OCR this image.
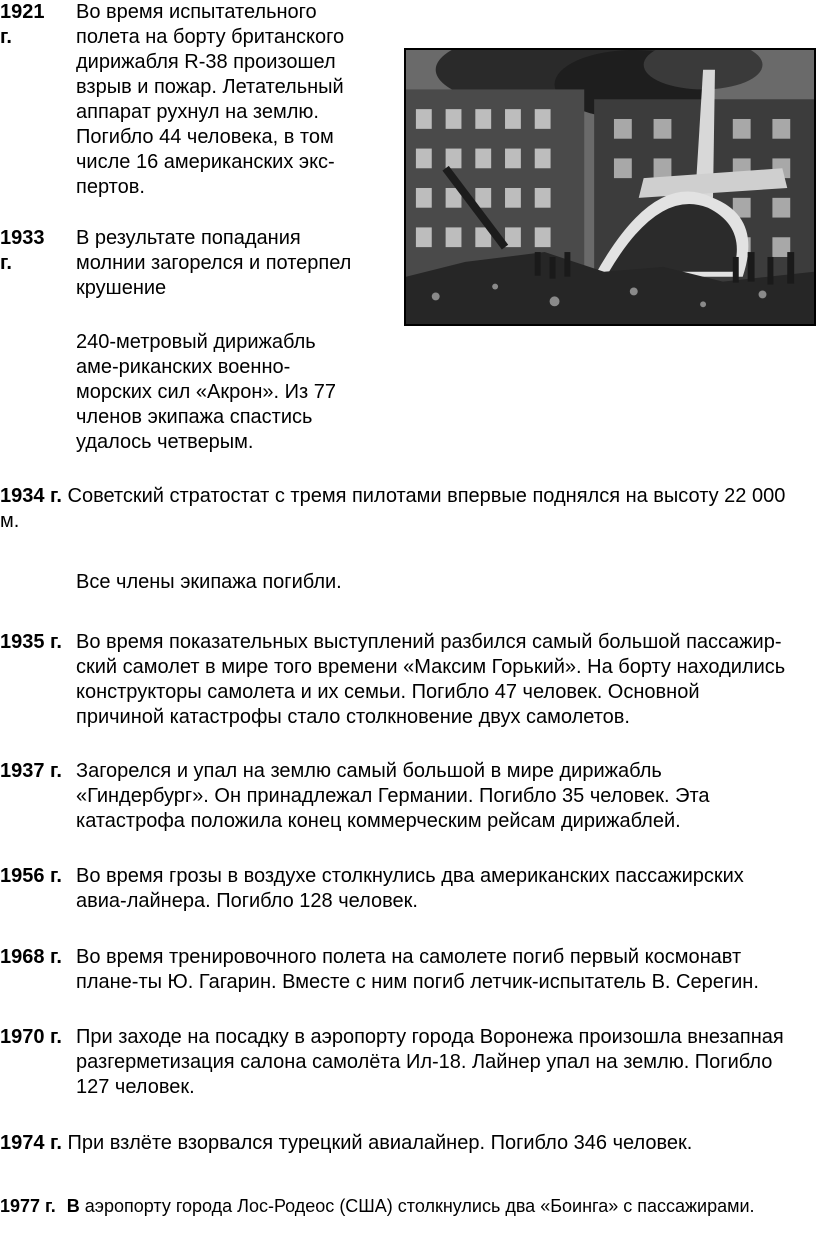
1921 г.
Во время испытательного
полета на борту британского
дирижабля R-38 произошел
взрыв и пожар. Летательный
аппарат рухнул на землю.
Погибло 44 человека, в том
числе 16 американских экс-
пертов.
1933 г.
В результате попадания
молнии загорелся и потерпел
крушение
240-метровый дирижабль
аме-риканских военно-
морских сил «Акрон». Из 77
членов экипажа спастись
удалось четверым.
1934 г. Советский стратостат с тремя пилотами впервые поднялся на высоту 22 000
м.
Все члены экипажа погибли.
1935 г. Во время показательных выступлений разбился самый большой пассажир-
ский самолет в мире того времени «Максим Горький». На борту находились
конструкторы самолета и их семьи. Погибло 47 человек. Основной
причиной катастрофы стало столкновение двух самолетов.
1937 г. Загорелся и упал на землю самый большой в мире дирижабль
«Гиндербург». Он принадлежал Германии. Погибло 35 человек. Эта
катастрофа положила конец коммерческим рейсам дирижаблей.
1956 г. Во время грозы в воздухе столкнулись два американских пассажирских
авиа-лайнера. Погибло 128 человек.
1968 г. Во время тренировочного полета на самолете погиб первый космонавт
плане-ты Ю. Гагарин. Вместе с ним погиб летчик-испытатель В. Серегин.
1970 г. При заходе на посадку в аэропорту города Воронежа произошла внезапная
разгерметизация салона самолёта Ил-18. Лайнер упал на землю. Погибло
127 человек.
1974 г. При взлёте взорвался турецкий авиалайнер. Погибло 346 человек.
1977 г. В аэропорту города Лос-Родеос (США) столкнулись два «Боинга» с пассажирами.
